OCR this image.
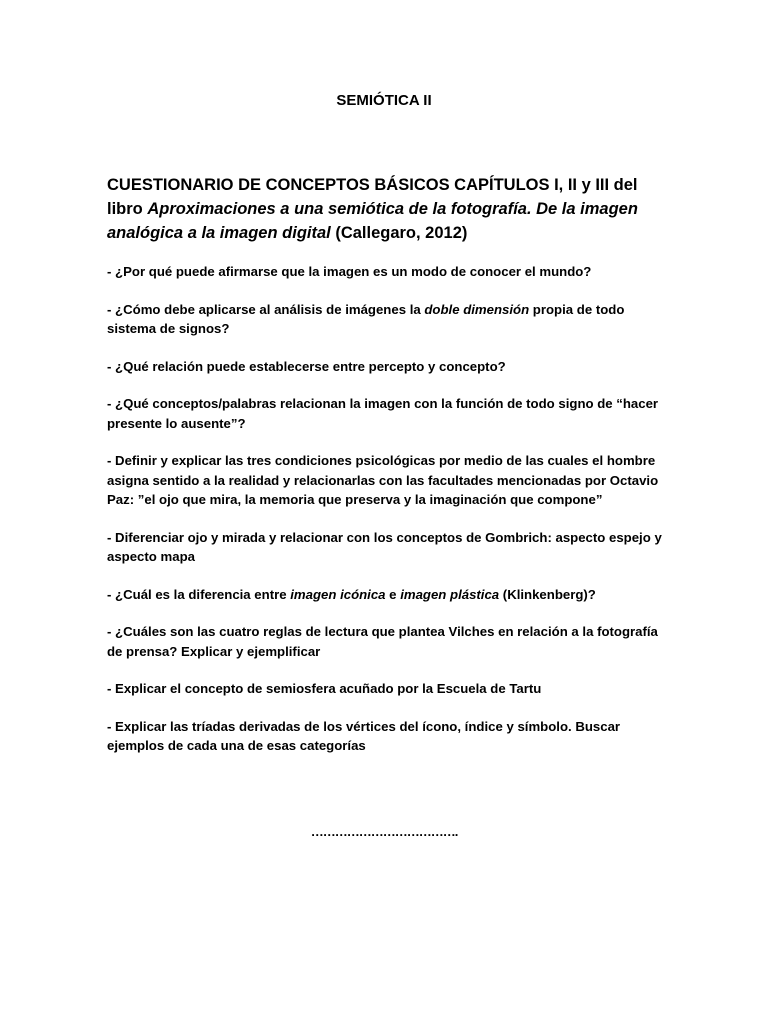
SEMIÓTICA II
CUESTIONARIO DE CONCEPTOS BÁSICOS CAPÍTULOS I, II y III del libro Aproximaciones a una semiótica de la fotografía. De la imagen analógica a la imagen digital (Callegaro, 2012)

- ¿Por qué puede afirmarse que la imagen es un modo de conocer el mundo?

- ¿Cómo debe aplicarse al análisis de imágenes la doble dimensión propia de todo sistema de signos?

- ¿Qué relación puede establecerse entre percepto y concepto?

- ¿Qué conceptos/palabras relacionan la imagen con la función de todo signo de “hacer presente lo ausente”?

- Definir y explicar las tres condiciones psicológicas por medio de las cuales el hombre asigna sentido a la realidad y relacionarlas con las facultades mencionadas por Octavio Paz: ”el ojo que mira, la memoria que preserva y la imaginación que compone”

- Diferenciar ojo y mirada y relacionar con los conceptos de Gombrich: aspecto espejo y aspecto mapa

- ¿Cuál es la diferencia entre imagen icónica e imagen plástica (Klinkenberg)?

- ¿Cuáles son las cuatro reglas de lectura que plantea Vilches en relación a la fotografía de prensa? Explicar y ejemplificar

- Explicar el concepto de semiosfera acuñado por la Escuela de Tartu

- Explicar las tríadas derivadas de los vértices del ícono, índice y símbolo. Buscar ejemplos de cada una de esas categorías

……………………………….
